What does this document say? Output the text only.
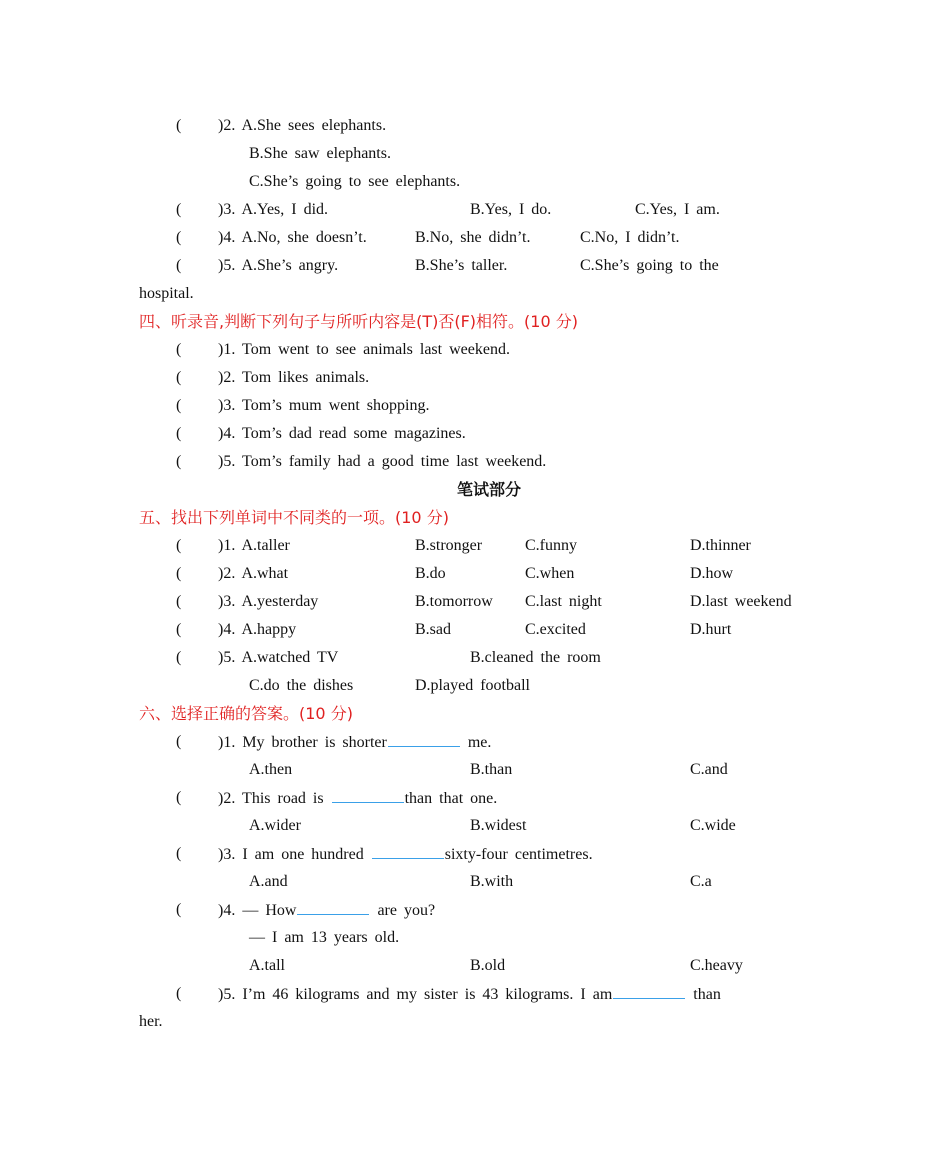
( )2. A.She sees elephants.
B.She saw elephants.
C.She’s going to see elephants.
( )3. A.Yes, I did.	B.Yes, I do.	C.Yes, I am.
( )4. A.No, she doesn’t.	B.No, she didn’t.	C.No, I didn’t.
( )5. A.She’s angry.	B.She’s taller.	C.She’s going to the
hospital.
四、听录音,判断下列句子与所听内容是(T)否(F)相符。(10 分)
( )1. Tom went to see animals last weekend.
( )2. Tom likes animals.
( )3. Tom’s mum went shopping.
( )4. Tom’s dad read some magazines.
( )5. Tom’s family had a good time last weekend.
笔试部分
五、找出下列单词中不同类的一项。(10 分)
( )1. A.taller	B.stronger	C.funny	D.thinner
( )2. A.what	B.do	C.when	D.how
( )3. A.yesterday	B.tomorrow C.last night	D.last weekend
( )4. A.happy	B.sad	C.excited	D.hurt
( )5. A.watched TV	B.cleaned the room
C.do the dishes	D.played football
六、选择正确的答案。(10 分)
( )1. My brother is shorter	me.
A.then	B.than	C.and
( )2. This road is	than that one.
A.wider	B.widest	C.wide
( )3. I am one hundred	sixty-four centimetres.
A.and	B.with	C.a
( )4. — How	are you?
— I am 13 years old.
A.tall	B.old	C.heavy
( )5. I’m 46 kilograms and my sister is 43 kilograms. I am	than
her.
